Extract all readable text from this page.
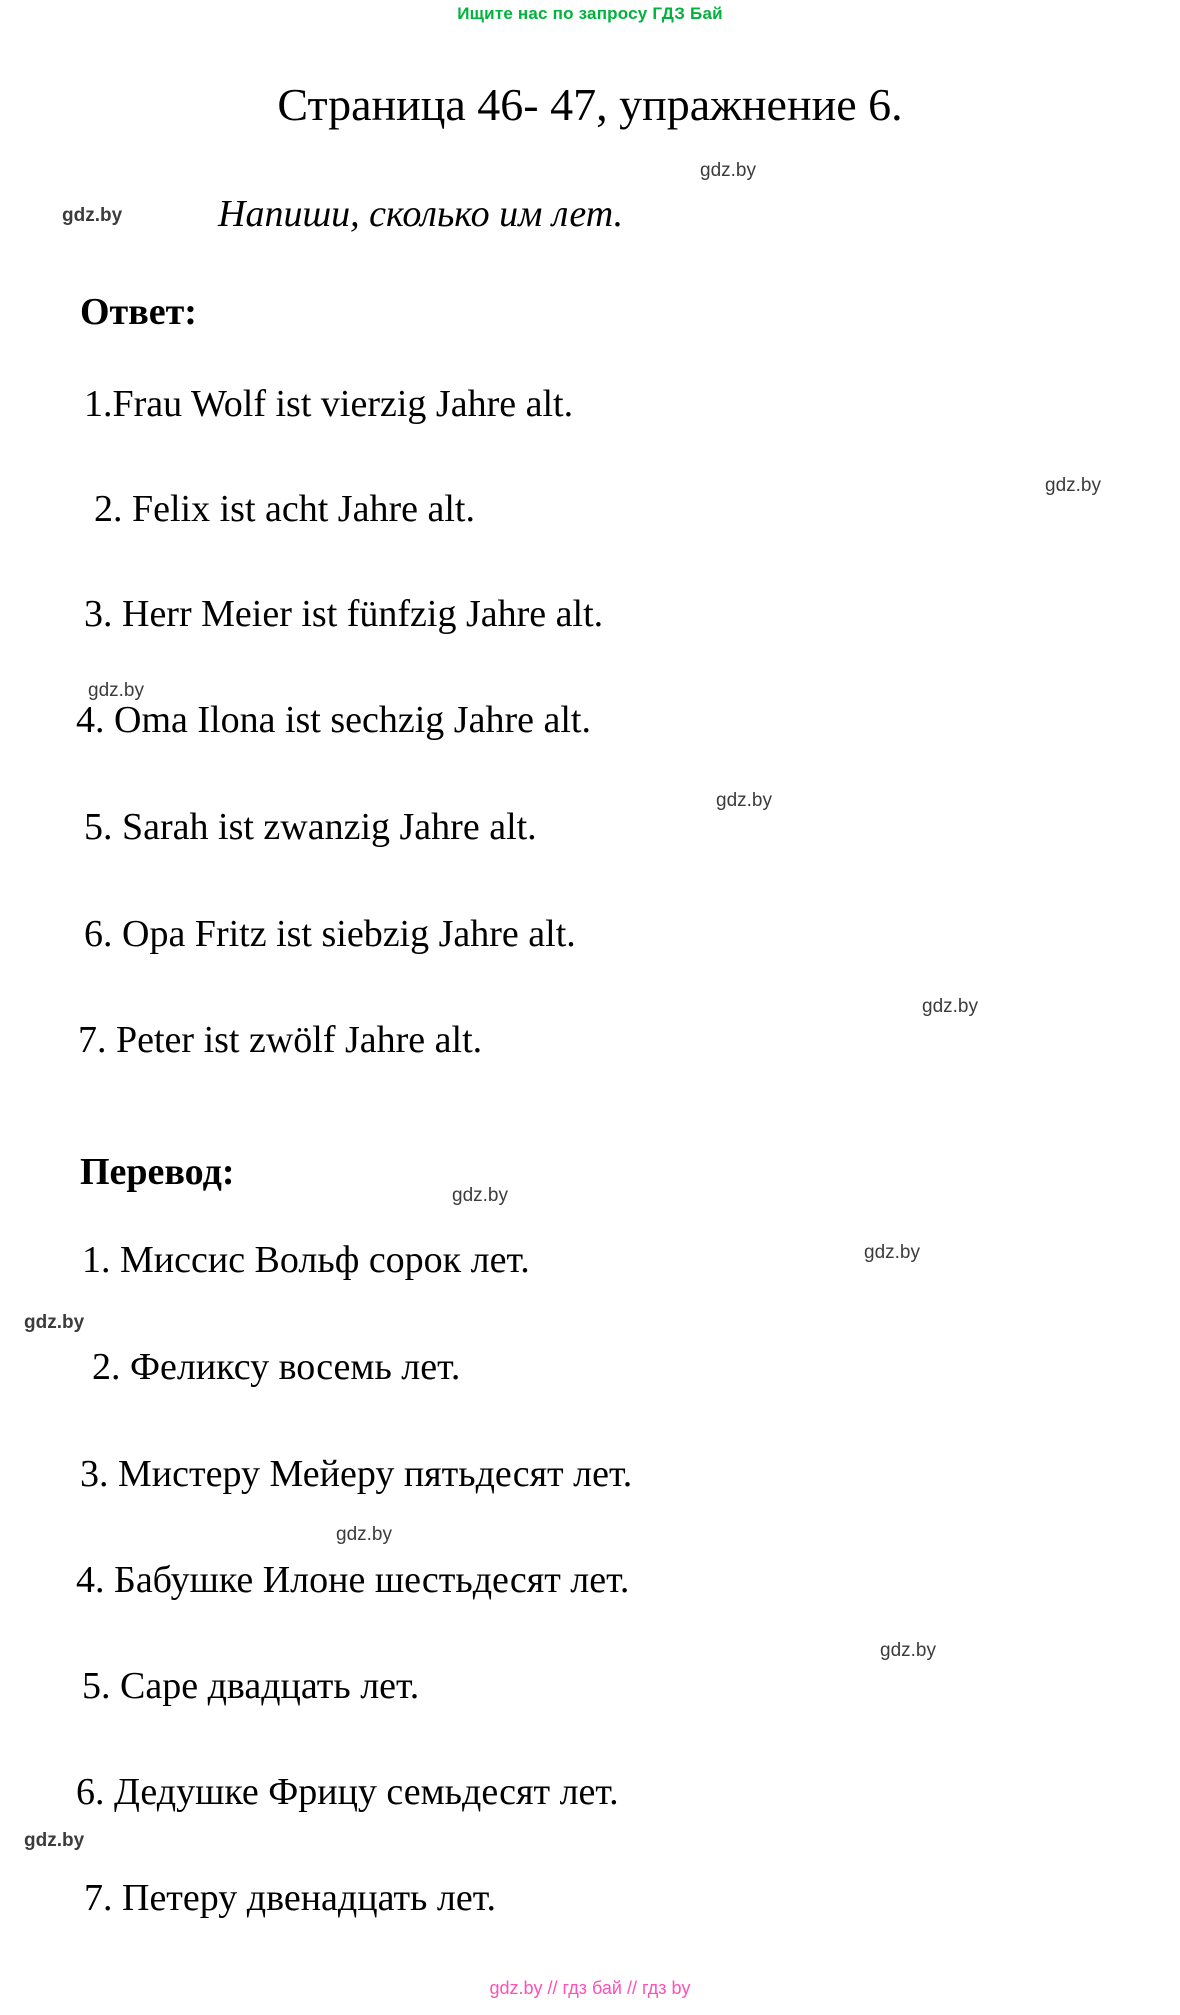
Ищите нас по запросу ГДЗ Бай
Страница 46- 47, упражнение 6.
Напиши, сколько им лет.
Ответ:
1.Frau Wolf ist vierzig Jahre alt.
2. Felix ist acht Jahre alt.
3. Herr Meier ist fünfzig Jahre alt.
4. Oma Ilona ist sechzig Jahre alt.
5. Sarah ist zwanzig Jahre alt.
6. Opa Fritz ist siebzig Jahre alt.
7. Peter ist zwölf Jahre alt.
Перевод:
1. Миссис Вольф сорок лет.
2. Феликсу восемь лет.
3. Мистеру Мейеру пятьдесят лет.
4. Бабушке Илоне шестьдесят лет.
5. Саре двадцать лет.
6. Дедушке Фрицу семьдесят лет.
7. Петеру двенадцать лет.
gdz.by
gdz.by
gdz.by
gdz.by
gdz.by
gdz.by
gdz.by
gdz.by
gdz.by
gdz.by
gdz.by
gdz.by
gdz.by // гдз бай // гдз by
